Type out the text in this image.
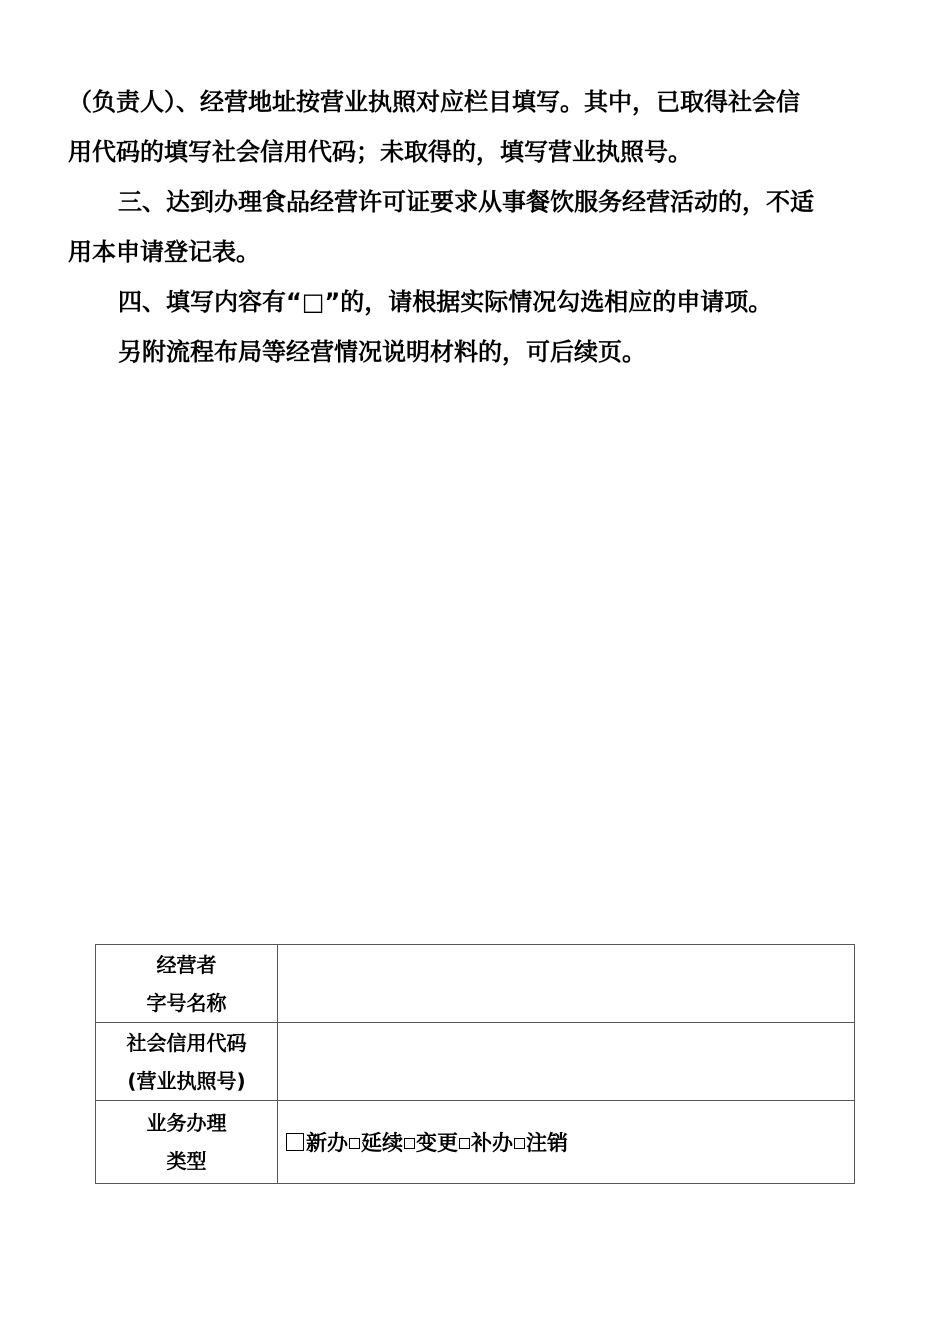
（负责人）、经营地址按营业执照对应栏目填写。其中，已取得社会信

用代码的填写社会信用代码；未取得的，填写营业执照号。

三、达到办理食品经营许可证要求从事餐饮服务经营活动的，不适

用本申请登记表。

四、填写内容有“□”的，请根据实际情况勾选相应的申请项。

另附流程布局等经营情况说明材料的，可后续页。

经营者
字号名称	

社会信用代码
(营业执照号)	

业务办理
类型	新办 延续 变更 补办 注销
